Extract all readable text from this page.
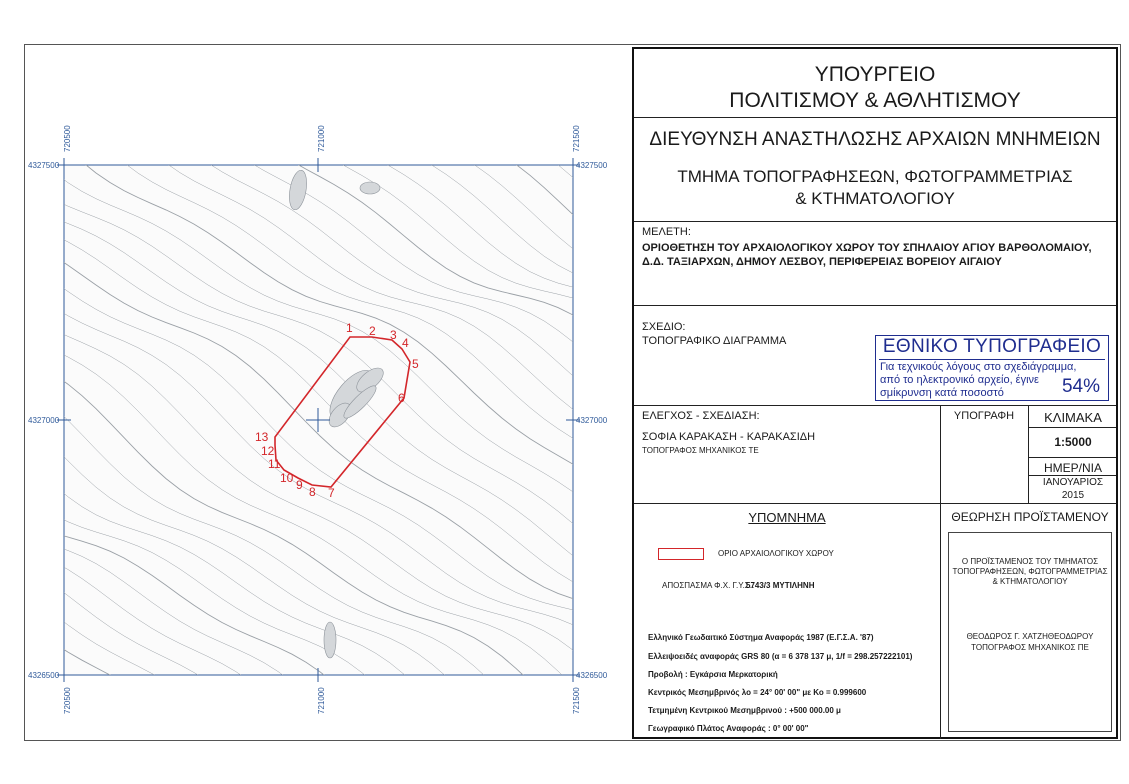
720500	721000	721500
720500	721000	721500
4327500
4327000
4326500
4327500
4327000
4326500
1 2 3
4
5
6
7
8
9
10
11
12
13
ΥΠΟΥΡΓΕΙΟ
ΠΟΛΙΤΙΣΜΟΥ & ΑΘΛΗΤΙΣΜΟΥ
ΔΙΕΥΘΥΝΣΗ ΑΝΑΣΤΗΛΩΣΗΣ ΑΡΧΑΙΩΝ ΜΝΗΜΕΙΩΝ
ΤΜΗΜΑ ΤΟΠΟΓΡΑΦΗΣΕΩΝ, ΦΩΤΟΓΡΑΜΜΕΤΡΙΑΣ
& ΚΤΗΜΑΤΟΛΟΓΙΟΥ
ΜΕΛΕΤΗ:
ΟΡΙΟΘΕΤΗΣΗ ΤΟΥ ΑΡΧΑΙΟΛΟΓΙΚΟΥ ΧΩΡΟΥ ΤΟΥ ΣΠΗΛΑΙΟΥ ΑΓΙΟΥ ΒΑΡΘΟΛΟΜΑΙΟΥ,
Δ.Δ. ΤΑΞΙΑΡΧΩΝ, ΔΗΜΟΥ ΛΕΣΒΟΥ, ΠΕΡΙΦΕΡΕΙΑΣ ΒΟΡΕΙΟΥ ΑΙΓΑΙΟΥ
ΣΧΕΔΙΟ:
ΤΟΠΟΓΡΑΦΙΚΟ ΔΙΑΓΡΑΜΜΑ	ΕΘΝΙΚΟ ΤΥΠΟΓΡΑΦΕΙΟ
Για τεχνικούς λόγους στο σχεδιάγραμμα,
από το ηλεκτρονικό αρχείο, έγινε
σμίκρυνση κατά ποσοστό	54%
ΕΛΕΓΧΟΣ - ΣΧΕΔΙΑΣΗ:
ΣΟΦΙΑ ΚΑΡΑΚΑΣΗ - ΚΑΡΑΚΑΣΙΔΗ
ΤΟΠΟΓΡΑΦΟΣ ΜΗΧΑΝΙΚΟΣ ΤΕ
ΥΠΟΓΡΑΦΗ	ΚΛΙΜΑΚΑ
1:5000
ΗΜΕΡ/ΝΙΑ
ΙΑΝΟΥΑΡΙΟΣ
2015
ΥΠΟΜΝΗΜΑ
ΟΡΙΟ ΑΡΧΑΙΟΛΟΓΙΚΟΥ ΧΩΡΟΥ
ΑΠΟΣΠΑΣΜΑ Φ.Χ. Γ.Υ.Σ.:
5743/3 ΜΥΤΙΛΗΝΗ
Ελληνικό Γεωδαιτικό Σύστημα Αναφοράς 1987 (Ε.Γ.Σ.Α. '87)
Ελλειψοειδές αναφοράς GRS 80 (α = 6 378 137 μ, 1/f = 298.257222101)
Προβολή : Εγκάρσια Μερκατορική
Κεντρικός Μεσημβρινός λο = 24° 00' 00" με Κο = 0.999600
Τετμημένη Κεντρικού Μεσημβρινού : +500 000.00 μ
Γεωγραφικό Πλάτος Αναφοράς : 0° 00' 00"
ΘΕΩΡΗΣΗ ΠΡΟΪΣΤΑΜΕΝΟΥ
Ο ΠΡΟΪΣΤΑΜΕΝΟΣ ΤΟΥ ΤΜΗΜΑΤΟΣ
ΤΟΠΟΓΡΑΦΗΣΕΩΝ, ΦΩΤΟΓΡΑΜΜΕΤΡΙΑΣ
& ΚΤΗΜΑΤΟΛΟΓΙΟΥ
ΘΕΟΔΩΡΟΣ Γ. ΧΑΤΖΗΘΕΟΔΩΡΟΥ
ΤΟΠΟΓΡΑΦΟΣ ΜΗΧΑΝΙΚΟΣ ΠΕ
